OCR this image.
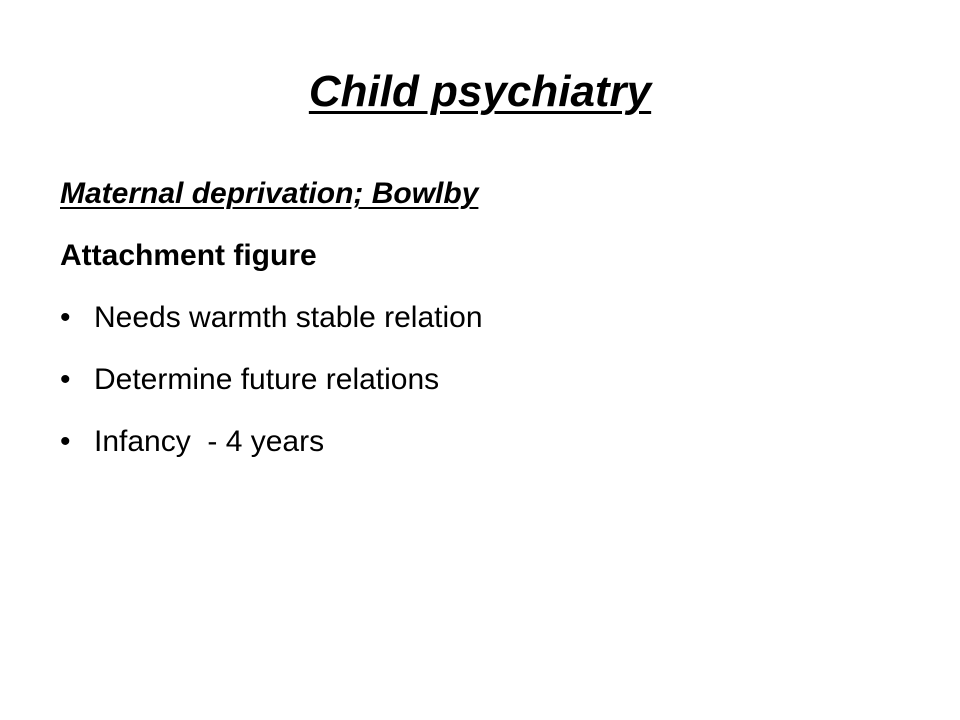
Child psychiatry
Maternal deprivation; Bowlby
Attachment figure
• Needs warmth stable relation
• Determine future relations
• Infancy  - 4 years
